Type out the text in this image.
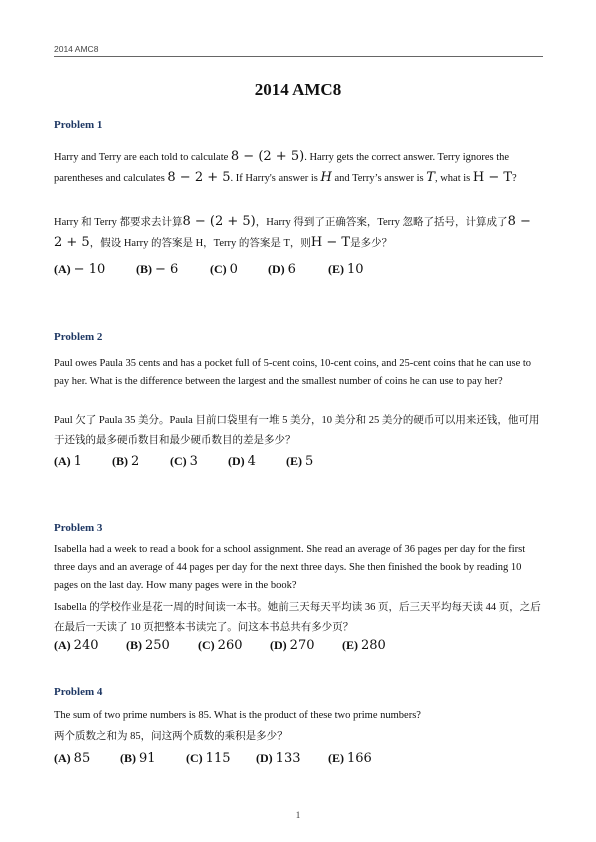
2014 AMC8
2014 AMC8
Problem 1
Harry and Terry are each told to calculate 8 − (2 + 5). Harry gets the correct answer. Terry ignores the parentheses and calculates 8 − 2 + 5. If Harry's answer is H and Terry’s answer is T, what is H − T?
Harry 和 Terry 都要求去计算8 − (2 + 5)，Harry 得到了正确答案，Terry 忽略了括号，计算成了8 − 2 + 5，假设 Harry 的答案是 H，Terry 的答案是 T，则H − T是多少？
(A) − 10	(B) − 6	(C) 0	(D) 6	(E) 10
Problem 2
Paul owes Paula 35 cents and has a pocket full of 5-cent coins, 10-cent coins, and 25-cent coins that he can use to pay her. What is the difference between the largest and the smallest number of coins he can use to pay her?
Paul 欠了 Paula 35 美分。Paula 目前口袋里有一堆 5 美分，10 美分和 25 美分的硬币可以用来还钱，他可用于还钱的最多硬币数目和最少硬币数目的差是多少？
(A) 1	(B) 2	(C) 3	(D) 4	(E) 5
Problem 3
Isabella had a week to read a book for a school assignment. She read an average of 36 pages per day for the first three days and an average of 44 pages per day for the next three days. She then finished the book by reading 10 pages on the last day. How many pages were in the book?
Isabella 的学校作业是花一周的时间读一本书。她前三天每天平均读 36 页，后三天平均每天读 44 页，之后在最后一天读了 10 页把整本书读完了。问这本书总共有多少页？
(A) 240 (B) 250 (C) 260 (D) 270 (E) 280
Problem 4
The sum of two prime numbers is 85. What is the product of these two prime numbers?
两个质数之和为 85，问这两个质数的乘积是多少？
(A) 85 (B) 91	(C) 115 (D) 133 (E) 166
1
